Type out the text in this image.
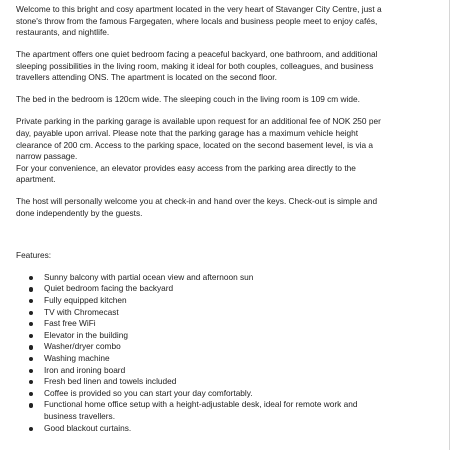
Welcome to this bright and cosy apartment located in the very heart of Stavanger City Centre, just a stone's throw from the famous Fargegaten, where locals and business people meet to enjoy cafés, restaurants, and nightlife.

The apartment offers one quiet bedroom facing a peaceful backyard, one bathroom, and additional sleeping possibilities in the living room, making it ideal for both couples, colleagues, and business travellers attending ONS. The apartment is located on the second floor.

The bed in the bedroom is 120cm wide. The sleeping couch in the living room is 109 cm wide.

Private parking in the parking garage is available upon request for an additional fee of NOK 250 per day, payable upon arrival. Please note that the parking garage has a maximum vehicle height clearance of 200 cm. Access to the parking space, located on the second basement level, is via a narrow passage.

For your convenience, an elevator provides easy access from the parking area directly to the apartment.

The host will personally welcome you at check-in and hand over the keys. Check-out is simple and done independently by the guests.

Features:

Sunny balcony with partial ocean view and afternoon sun
Quiet bedroom facing the backyard
Fully equipped kitchen
TV with Chromecast
Fast free WiFi
Elevator in the building
Washer/dryer combo
Washing machine
Iron and ironing board
Fresh bed linen and towels included
Coffee is provided so you can start your day comfortably.
Functional home office setup with a height-adjustable desk, ideal for remote work and business travellers.
Good blackout curtains.
